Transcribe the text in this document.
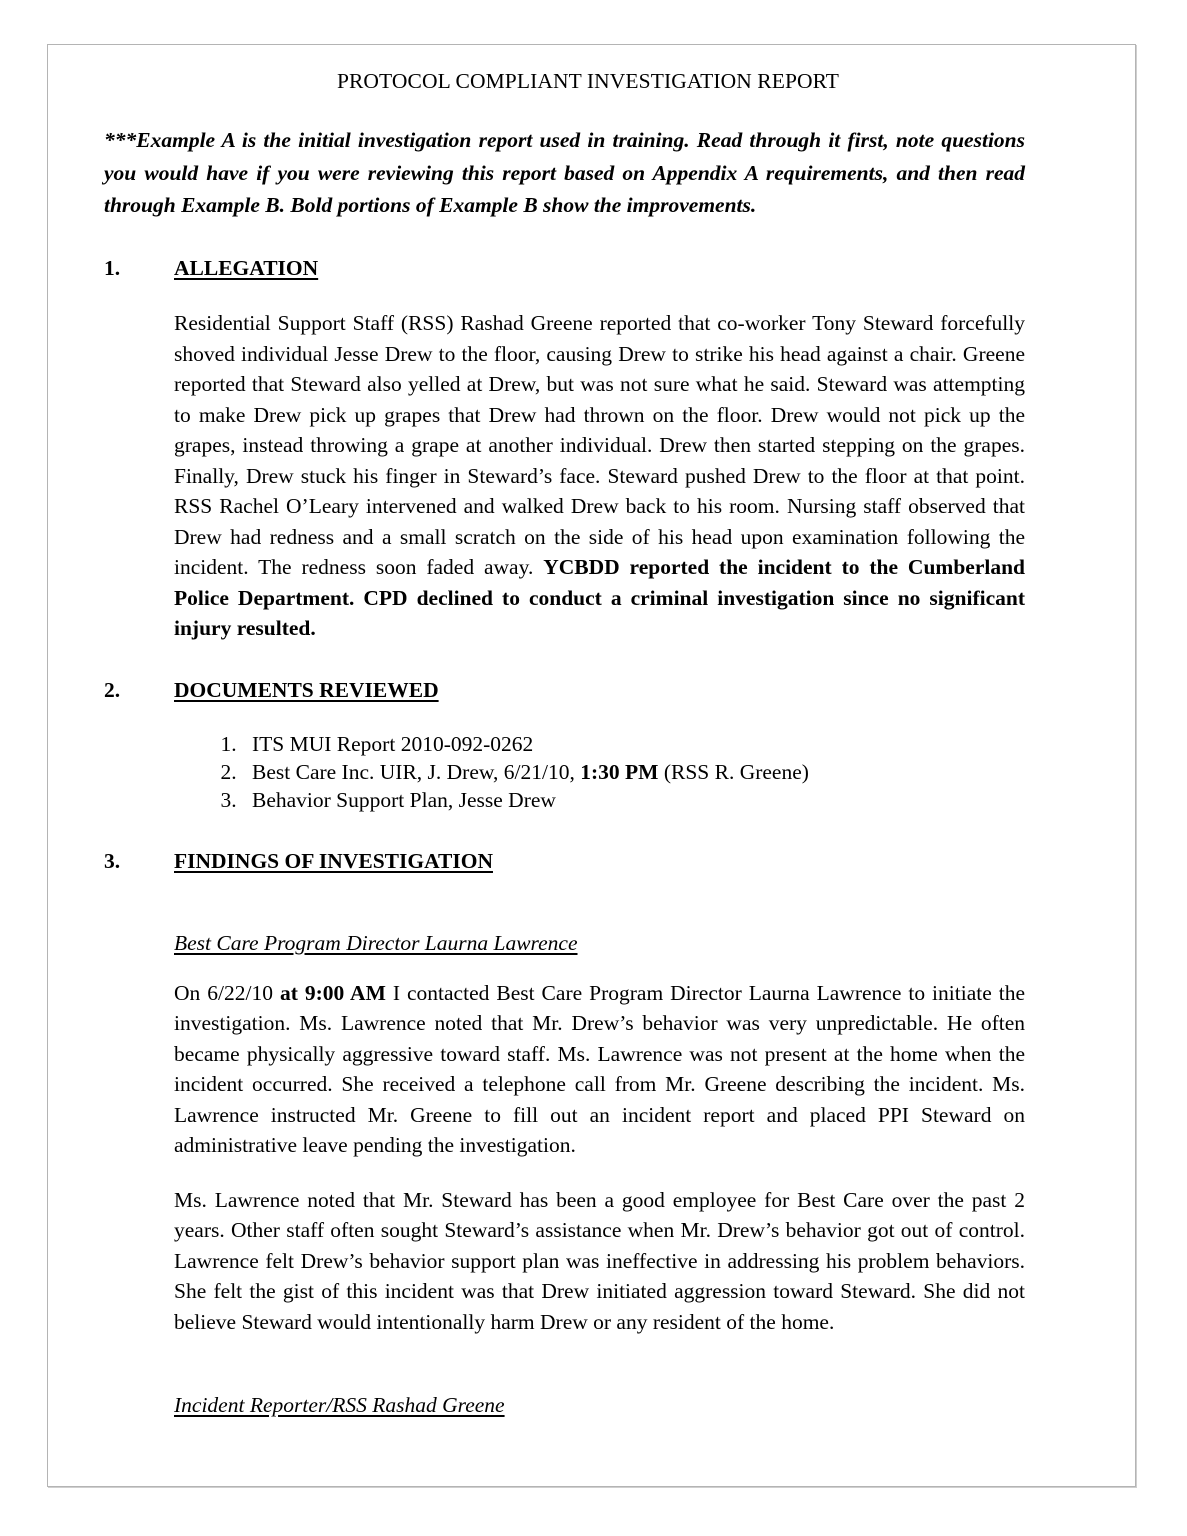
PROTOCOL COMPLIANT INVESTIGATION REPORT

***Example A is the initial investigation report used in training. Read through it first, note questions you would have if you were reviewing this report based on Appendix A requirements, and then read through Example B. Bold portions of Example B show the improvements.

1.	ALLEGATION

Residential Support Staff (RSS) Rashad Greene reported that co-worker Tony Steward forcefully shoved individual Jesse Drew to the floor, causing Drew to strike his head against a chair. Greene reported that Steward also yelled at Drew, but was not sure what he said. Steward was attempting to make Drew pick up grapes that Drew had thrown on the floor. Drew would not pick up the grapes, instead throwing a grape at another individual. Drew then started stepping on the grapes. Finally, Drew stuck his finger in Steward’s face. Steward pushed Drew to the floor at that point. RSS Rachel O’Leary intervened and walked Drew back to his room. Nursing staff observed that Drew had redness and a small scratch on the side of his head upon examination following the incident. The redness soon faded away. YCBDD reported the incident to the Cumberland Police Department. CPD declined to conduct a criminal investigation since no significant injury resulted.

2.	DOCUMENTS REVIEWED
1. ITS MUI Report 2010-092-0262
2. Best Care Inc. UIR, J. Drew, 6/21/10, 1:30 PM (RSS R. Greene)
3. Behavior Support Plan, Jesse Drew
3.	FINDINGS OF INVESTIGATION
Best Care Program Director Laurna Lawrence

On 6/22/10 at 9:00 AM I contacted Best Care Program Director Laurna Lawrence to initiate the investigation. Ms. Lawrence noted that Mr. Drew’s behavior was very unpredictable. He often became physically aggressive toward staff. Ms. Lawrence was not present at the home when the incident occurred. She received a telephone call from Mr. Greene describing the incident. Ms. Lawrence instructed Mr. Greene to fill out an incident report and placed PPI Steward on administrative leave pending the investigation.

Ms. Lawrence noted that Mr. Steward has been a good employee for Best Care over the past 2 years. Other staff often sought Steward’s assistance when Mr. Drew’s behavior got out of control. Lawrence felt Drew’s behavior support plan was ineffective in addressing his problem behaviors. She felt the gist of this incident was that Drew initiated aggression toward Steward. She did not believe Steward would intentionally harm Drew or any resident of the home.

Incident Reporter/RSS Rashad Greene
